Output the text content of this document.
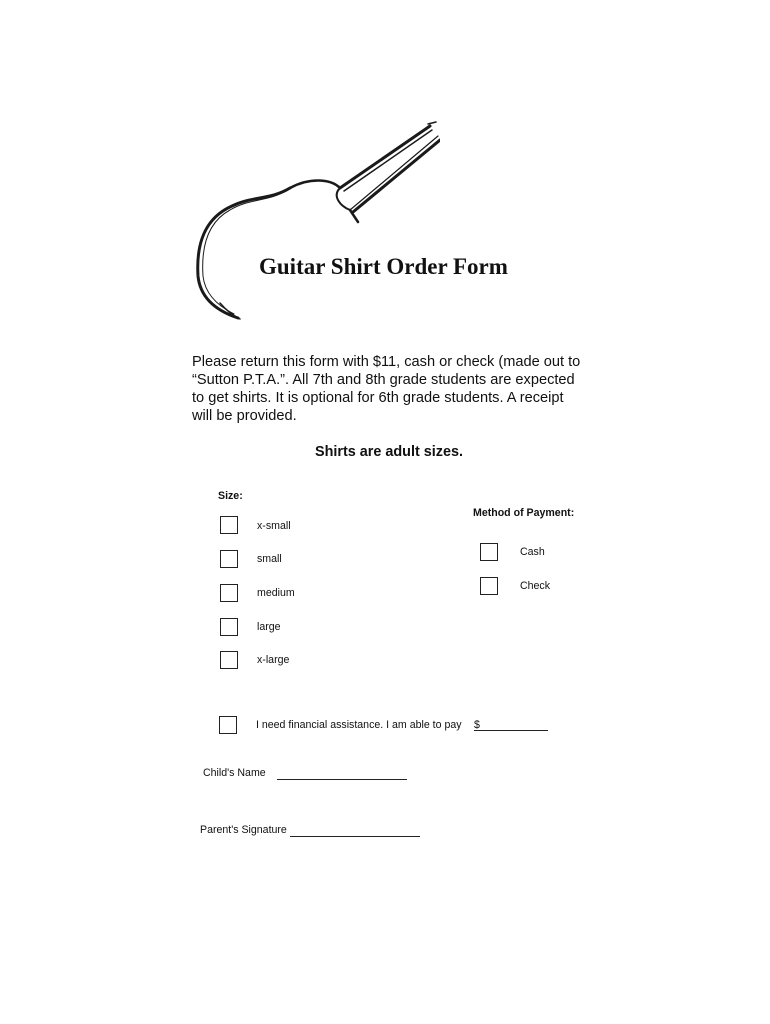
Guitar Shirt Order Form
Please return this form with $11, cash or check (made out to
“Sutton P.T.A.”. All 7th and 8th grade students are expected
to get shirts. It is optional for 6th grade students. A receipt
will be provided.
Shirts are adult sizes.
Size:
x-small
small
medium
large
x-large
Method of Payment:
Cash
Check
I need financial assistance. I am able to pay $
Child's Name
Parent's Signature
